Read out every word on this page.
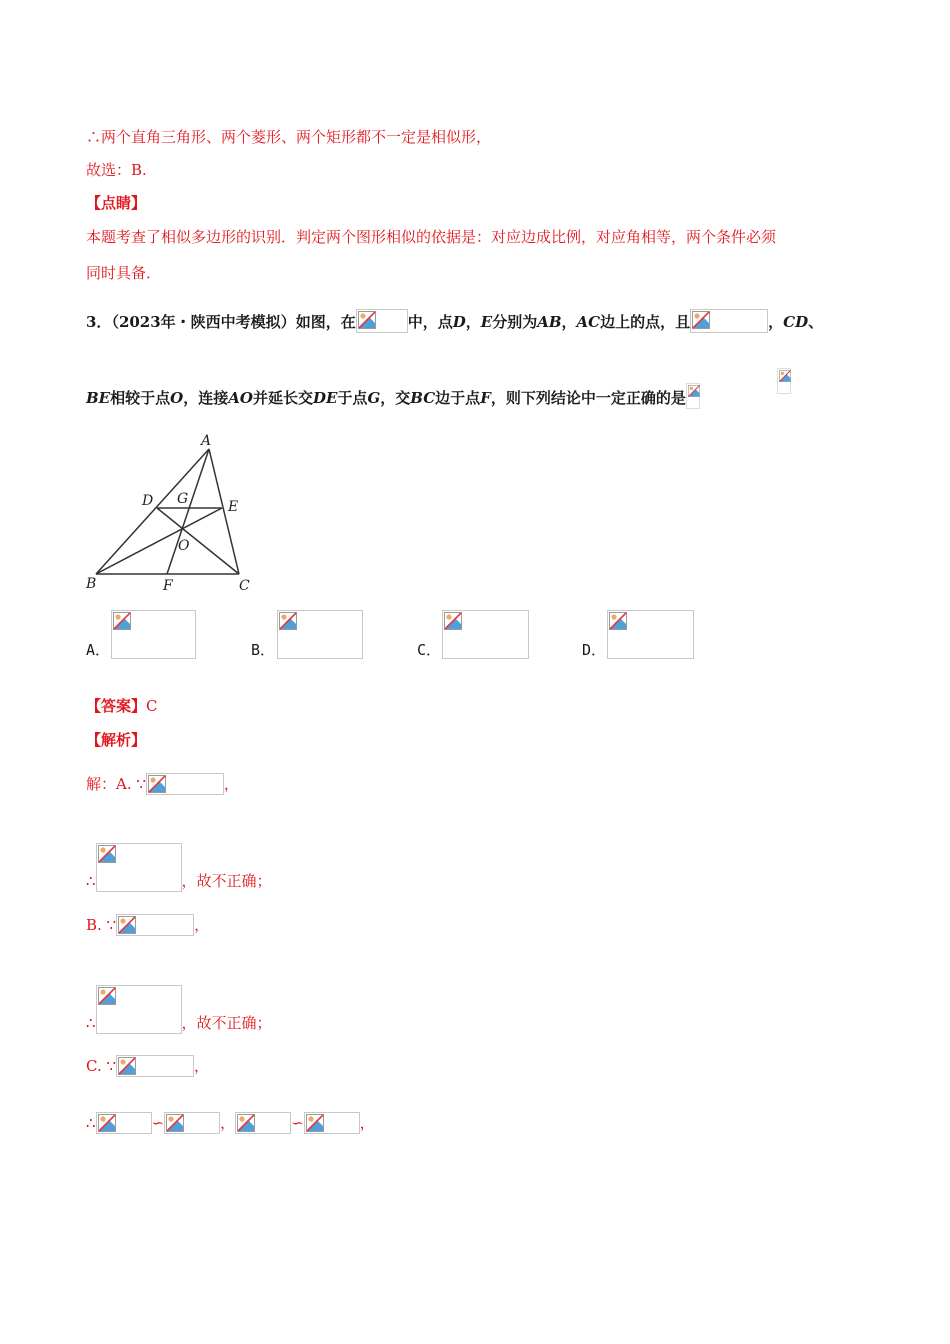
∴两个直角三角形、两个菱形、两个矩形都不一定是相似形，
故选：B.
【点睛】
本题考查了相似多边形的识别．判定两个图形相似的依据是：对应边成比例，对应角相等，两个条件必须
同时具备．
3．（2023年・陕西中考模拟）如图，在	中，点D，E分别为AB，AC边上的点，且	，CD、
BE相较于点O，连接AO并延长交DE于点G，交BC边于点F，则下列结论中一定正确的是
A
B	C
D	E
F
G
O
A．	B．	C．	D．
【答案】C
【解析】
解：A. ∵	，
∴	，故不正确；
B. ∵	，
∴	，故不正确；
C. ∵	，
∴	∽	，	∽	，
